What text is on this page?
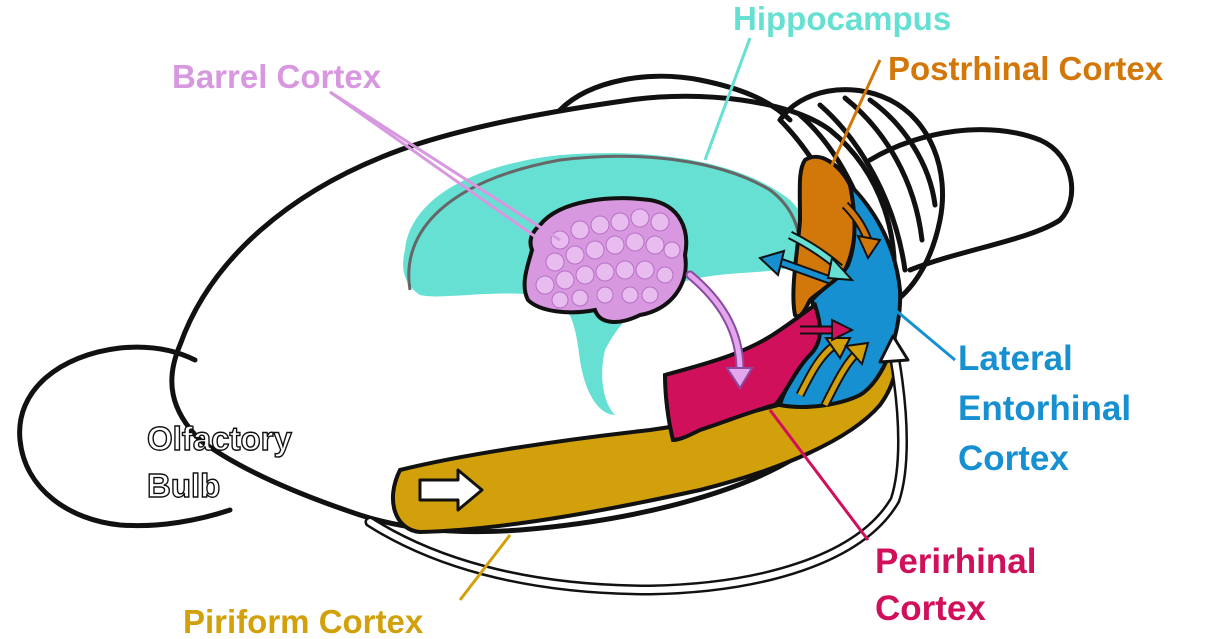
Hippocampus
Barrel Cortex	Postrhinal Cortex
Lateral
Entorhinal
Cortex
Olfactory
Bulb
Perirhinal
Cortex
Piriform Cortex
